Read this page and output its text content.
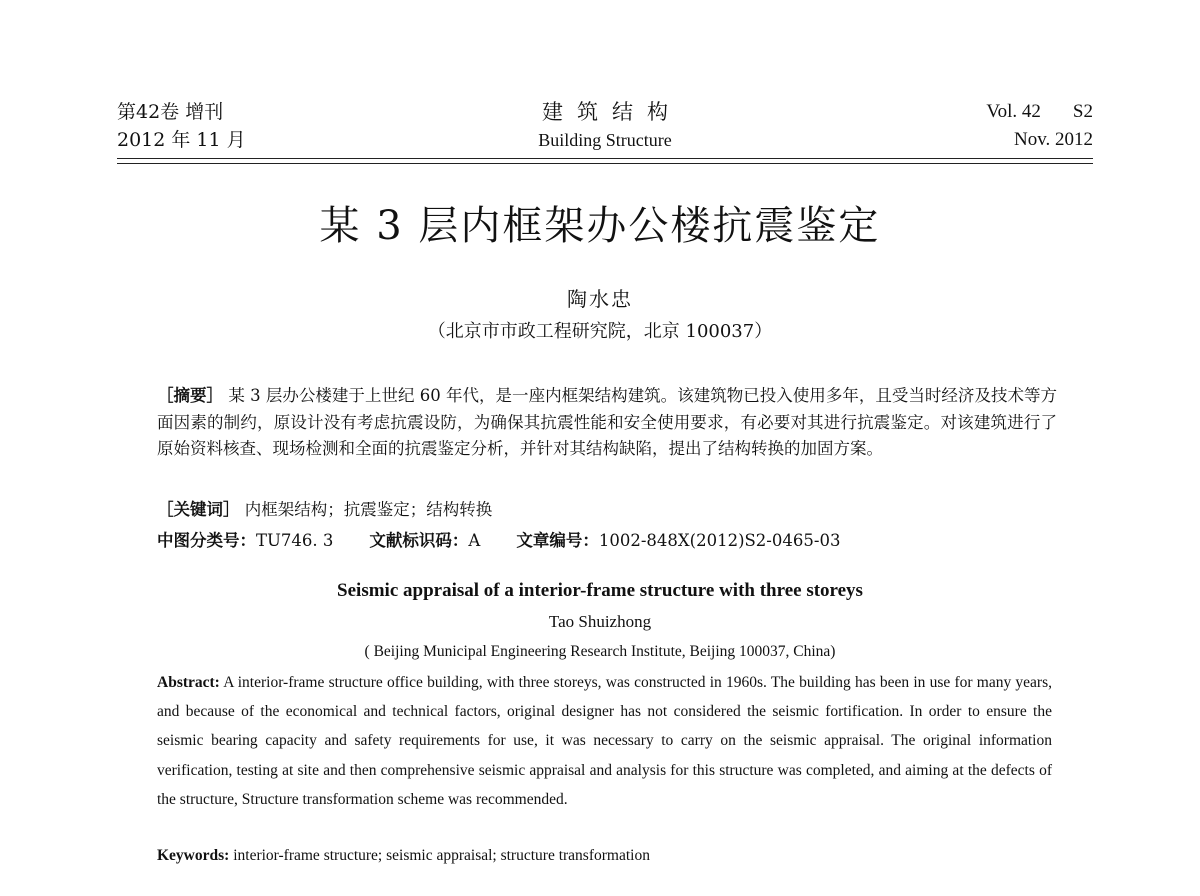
第42卷 增刊
2012 年 11 月
建筑结构
Building Structure
Vol. 42 S2
Nov. 2012
某 3 层内框架办公楼抗震鉴定
陶水忠
（北京市市政工程研究院，北京 100037）
［摘要］ 某 3 层办公楼建于上世纪 60 年代，是一座内框架结构建筑。该建筑物已投入使用多年，且受当时经济及技术等方面因素的制约，原设计没有考虑抗震设防，为确保其抗震性能和安全使用要求，有必要对其进行抗震鉴定。对该建筑进行了原始资料核查、现场检测和全面的抗震鉴定分析，并针对其结构缺陷，提出了结构转换的加固方案。
［关键词］ 内框架结构；抗震鉴定；结构转换
中图分类号：TU746. 3 文献标识码：A 文章编号：1002-848X(2012)S2-0465-03
Seismic appraisal of a interior-frame structure with three storeys
Tao Shuizhong
( Beijing Municipal Engineering Research Institute, Beijing 100037, China)
Abstract: A interior-frame structure office building, with three storeys, was constructed in 1960s. The building has been in use for many years, and because of the economical and technical factors, original designer has not considered the seismic fortification. In order to ensure the seismic bearing capacity and safety requirements for use, it was necessary to carry on the seismic appraisal. The original information verification, testing at site and then comprehensive seismic appraisal and analysis for this structure was completed, and aiming at the defects of the structure, Structure transformation scheme was recommended.
Keywords: interior-frame structure; seismic appraisal; structure transformation
